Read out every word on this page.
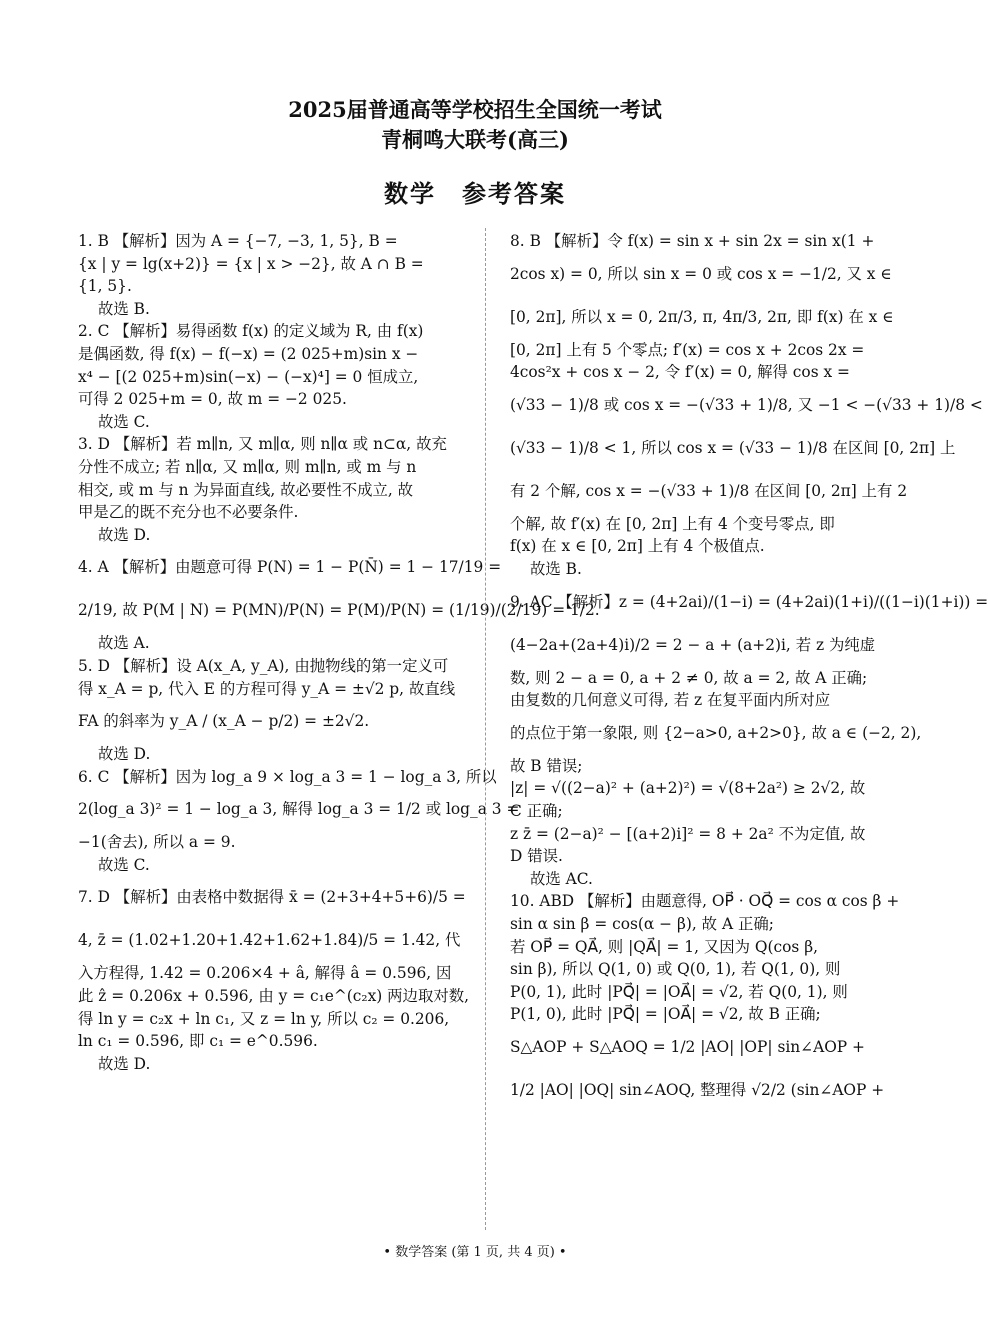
2025届普通高等学校招生全国统一考试
青桐鸣大联考(高三)
数学　参考答案
1. B 【解析】因为 A = {−7, −3, 1, 5}, B =
{x | y = lg(x+2)} = {x | x > −2}, 故 A ∩ B =
{1, 5}.
故选 B.
2. C 【解析】易得函数 f(x) 的定义域为 R, 由 f(x)
是偶函数, 得 f(x) − f(−x) = (2 025+m)sin x −
x⁴ − [(2 025+m)sin(−x) − (−x)⁴] = 0 恒成立,
可得 2 025+m = 0, 故 m = −2 025.
故选 C.
3. D 【解析】若 m∥n, 又 m∥α, 则 n∥α 或 n⊂α, 故充
分性不成立; 若 n∥α, 又 m∥α, 则 m∥n, 或 m 与 n
相交, 或 m 与 n 为异面直线, 故必要性不成立, 故
甲是乙的既不充分也不必要条件.
故选 D.
4. A 【解析】由题意可得 P(N) = 1 − P(N̄) = 1 − 17/19 =
2/19, 故 P(M | N) = P(MN)/P(N) = P(M)/P(N) = (1/19)/(2/19) = 1/2.
故选 A.
5. D 【解析】设 A(x_A, y_A), 由抛物线的第一定义可
得 x_A = p, 代入 E 的方程可得 y_A = ±√2 p, 故直线
FA 的斜率为 y_A / (x_A − p/2) = ±2√2.
故选 D.
6. C 【解析】因为 log_a 9 × log_a 3 = 1 − log_a 3, 所以
2(log_a 3)² = 1 − log_a 3, 解得 log_a 3 = 1/2 或 log_a 3 =
−1(舍去), 所以 a = 9.
故选 C.
7. D 【解析】由表格中数据得 x̄ = (2+3+4+5+6)/5 =
4, z̄ = (1.02+1.20+1.42+1.62+1.84)/5 = 1.42, 代
入方程得, 1.42 = 0.206×4 + â, 解得 â = 0.596, 因
此 ẑ = 0.206x + 0.596, 由 y = c₁e^(c₂x) 两边取对数,
得 ln y = c₂x + ln c₁, 又 z = ln y, 所以 c₂ = 0.206,
ln c₁ = 0.596, 即 c₁ = e^0.596.
故选 D.
8. B 【解析】令 f(x) = sin x + sin 2x = sin x(1 +
2cos x) = 0, 所以 sin x = 0 或 cos x = −1/2, 又 x ∈
[0, 2π], 所以 x = 0, 2π/3, π, 4π/3, 2π, 即 f(x) 在 x ∈
[0, 2π] 上有 5 个零点; f′(x) = cos x + 2cos 2x =
4cos²x + cos x − 2, 令 f′(x) = 0, 解得 cos x =
(√33 − 1)/8 或 cos x = −(√33 + 1)/8, 又 −1 < −(√33 + 1)/8 <
(√33 − 1)/8 < 1, 所以 cos x = (√33 − 1)/8 在区间 [0, 2π] 上
有 2 个解, cos x = −(√33 + 1)/8 在区间 [0, 2π] 上有 2
个解, 故 f′(x) 在 [0, 2π] 上有 4 个变号零点, 即
f(x) 在 x ∈ [0, 2π] 上有 4 个极值点.
故选 B.
9. AC 【解析】z = (4+2ai)/(1−i) = (4+2ai)(1+i)/((1−i)(1+i)) =
(4−2a+(2a+4)i)/2 = 2 − a + (a+2)i, 若 z 为纯虚
数, 则 2 − a = 0, a + 2 ≠ 0, 故 a = 2, 故 A 正确;
由复数的几何意义可得, 若 z 在复平面内所对应
的点位于第一象限, 则 {2−a>0, a+2>0}, 故 a ∈ (−2, 2),
故 B 错误;
|z| = √((2−a)² + (a+2)²) = √(8+2a²) ≥ 2√2, 故
C 正确;
z z̄ = (2−a)² − [(a+2)i]² = 8 + 2a² 不为定值, 故
D 错误.
故选 AC.
10. ABD 【解析】由题意得, OP⃗ · OQ⃗ = cos α cos β +
sin α sin β = cos(α − β), 故 A 正确;
若 OP⃗ = QA⃗, 则 |QA⃗| = 1, 又因为 Q(cos β,
sin β), 所以 Q(1, 0) 或 Q(0, 1), 若 Q(1, 0), 则
P(0, 1), 此时 |PQ⃗| = |OA⃗| = √2, 若 Q(0, 1), 则
P(1, 0), 此时 |PQ⃗| = |OA⃗| = √2, 故 B 正确;
S△AOP + S△AOQ = 1/2 |AO| |OP| sin∠AOP +
1/2 |AO| |OQ| sin∠AOQ, 整理得 √2/2 (sin∠AOP +
• 数学答案 (第 1 页, 共 4 页) •
